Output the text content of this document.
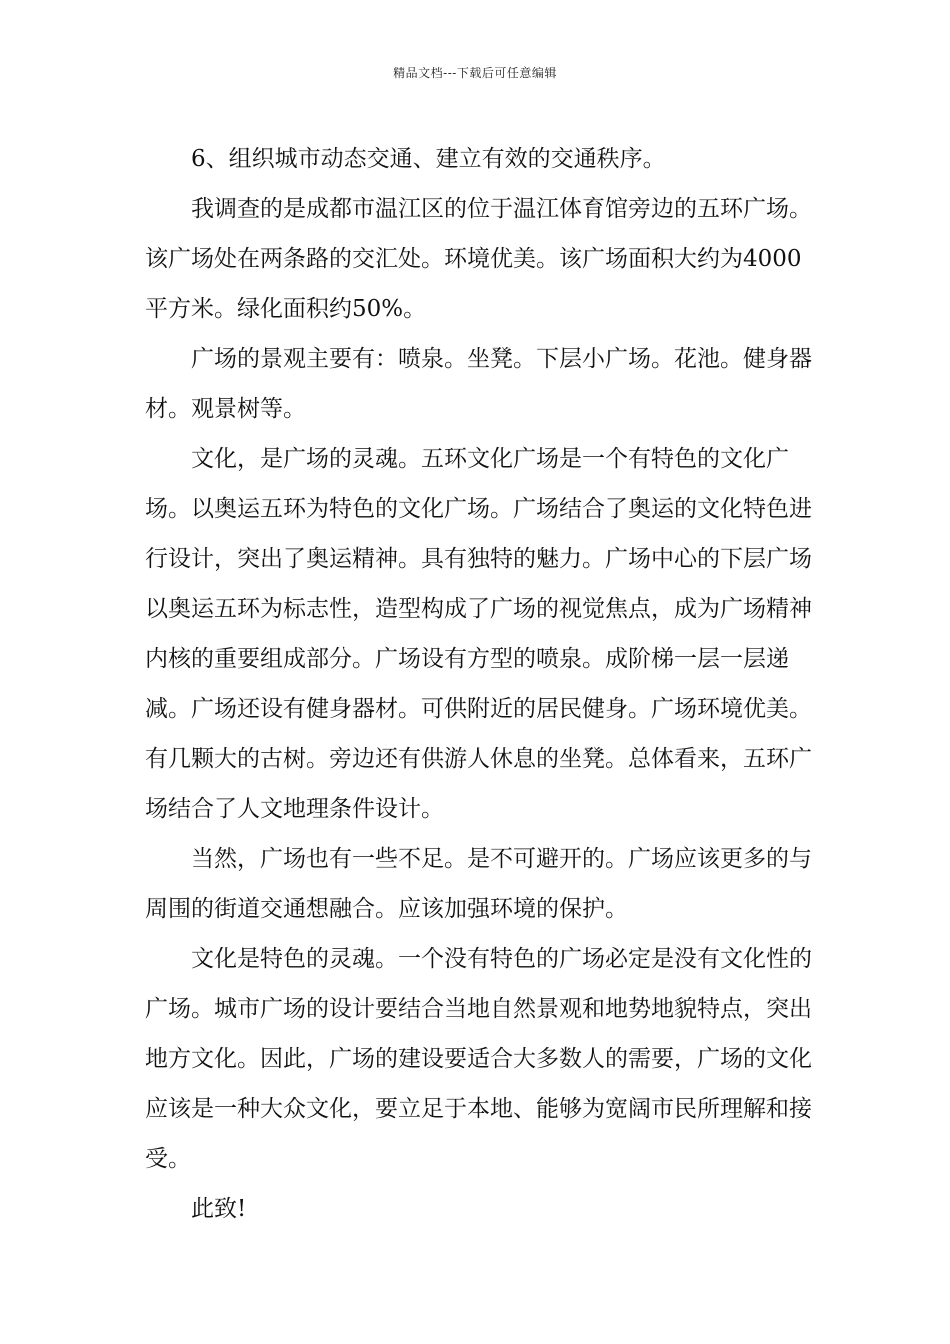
精品文档---下载后可任意编辑

6、组织城市动态交通、建立有效的交通秩序。

我调查的是成都市温江区的位于温江体育馆旁边的五环广场。该广场处在两条路的交汇处。环境优美。该广场面积大约为4000平方米。绿化面积约50%。

广场的景观主要有：喷泉。坐凳。下层小广场。花池。健身器材。观景树等。

文化，是广场的灵魂。五环文化广场是一个有特色的文化广场。以奥运五环为特色的文化广场。广场结合了奥运的文化特色进行设计，突出了奥运精神。具有独特的魅力。广场中心的下层广场以奥运五环为标志性，造型构成了广场的视觉焦点，成为广场精神内核的重要组成部分。广场设有方型的喷泉。成阶梯一层一层递减。广场还设有健身器材。可供附近的居民健身。广场环境优美。有几颗大的古树。旁边还有供游人休息的坐凳。总体看来，五环广场结合了人文地理条件设计。

当然，广场也有一些不足。是不可避开的。广场应该更多的与周围的街道交通想融合。应该加强环境的保护。

文化是特色的灵魂。一个没有特色的广场必定是没有文化性的广场。城市广场的设计要结合当地自然景观和地势地貌特点，突出地方文化。因此，广场的建设要适合大多数人的需要，广场的文化应该是一种大众文化，要立足于本地、能够为宽阔市民所理解和接受。

此致!
